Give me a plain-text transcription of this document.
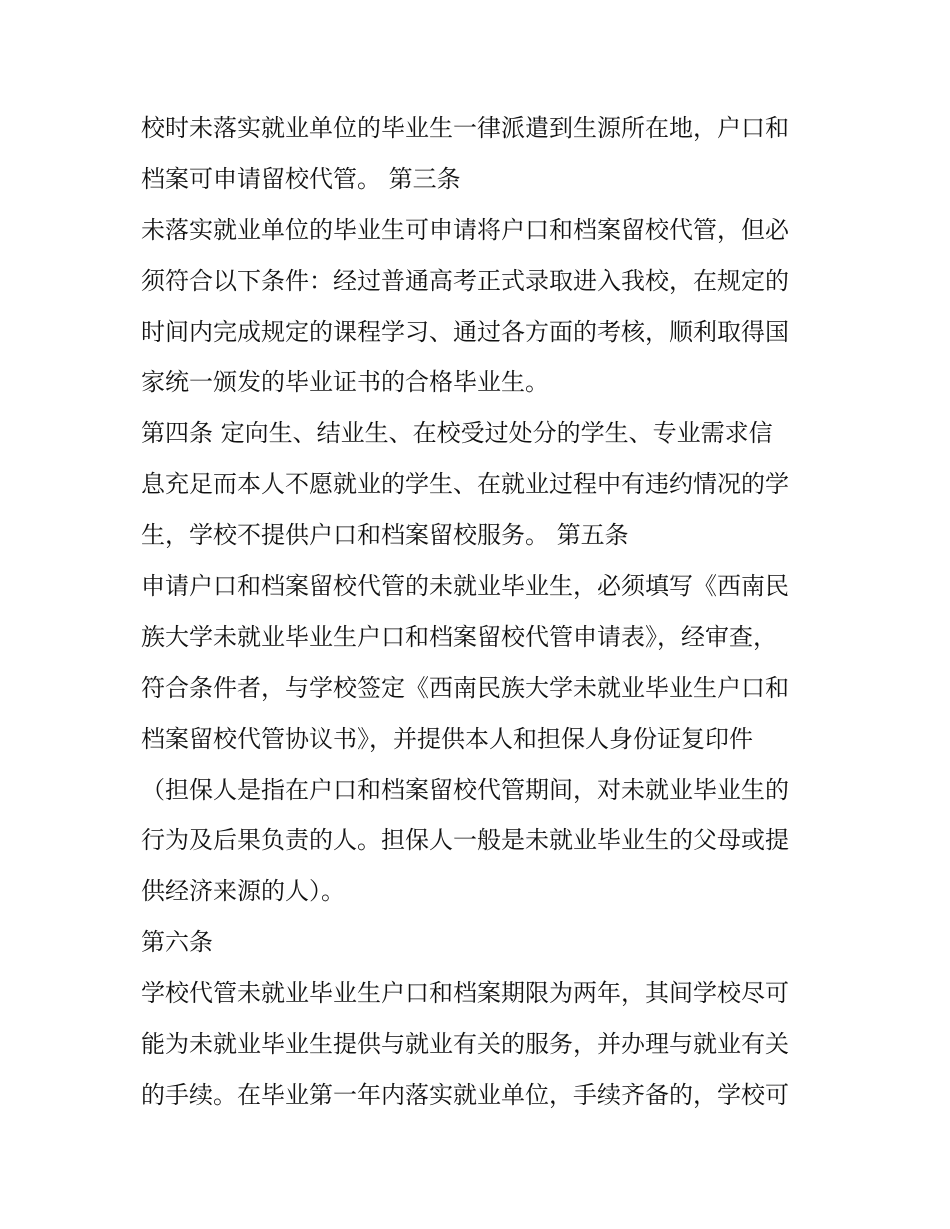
校时未落实就业单位的毕业生一律派遣到生源所在地，户口和
档案可申请留校代管。 第三条
未落实就业单位的毕业生可申请将户口和档案留校代管，但必
须符合以下条件：经过普通高考正式录取进入我校，在规定的
时间内完成规定的课程学习、通过各方面的考核，顺利取得国
家统一颁发的毕业证书的合格毕业生。
第四条 定向生、结业生、在校受过处分的学生、专业需求信
息充足而本人不愿就业的学生、在就业过程中有违约情况的学
生，学校不提供户口和档案留校服务。 第五条
申请户口和档案留校代管的未就业毕业生，必须填写《西南民
族大学未就业毕业生户口和档案留校代管申请表》，经审查，
符合条件者，与学校签定《西南民族大学未就业毕业生户口和
档案留校代管协议书》，并提供本人和担保人身份证复印件
（担保人是指在户口和档案留校代管期间，对未就业毕业生的
行为及后果负责的人。担保人一般是未就业毕业生的父母或提
供经济来源的人）。
第六条
学校代管未就业毕业生户口和档案期限为两年，其间学校尽可
能为未就业毕业生提供与就业有关的服务，并办理与就业有关
的手续。在毕业第一年内落实就业单位，手续齐备的，学校可
